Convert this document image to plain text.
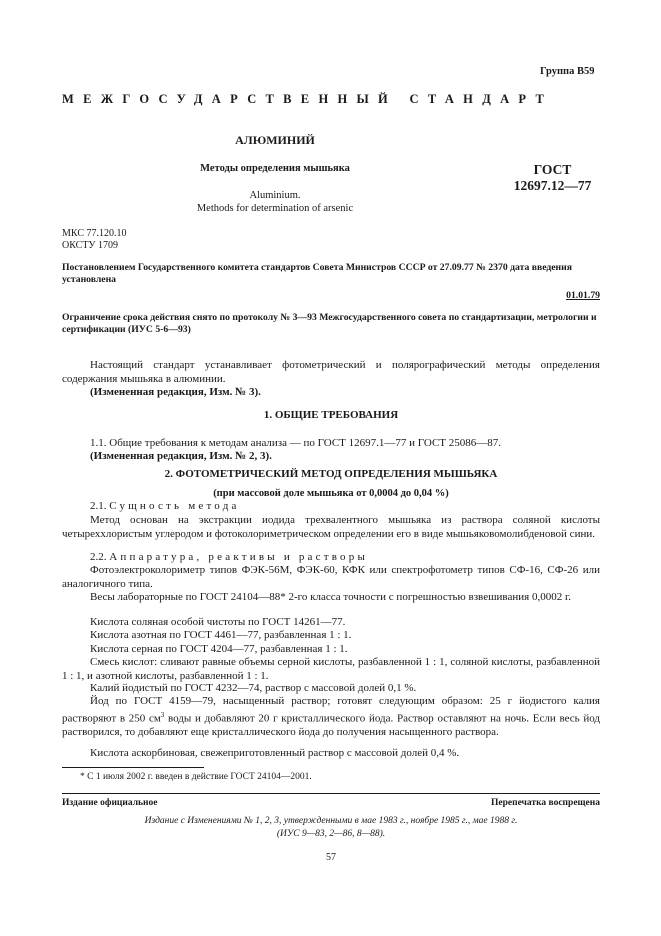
Группа В59
МЕЖГОСУДАРСТВЕННЫЙ СТАНДАРТ
АЛЮМИНИЙ
Методы определения мышьяка
Aluminium.
Methods for determination of arsenic
ГОСТ
12697.12—77
МКС 77.120.10
ОКСТУ 1709
Постановлением Государственного комитета стандартов Совета Министров СССР от 27.09.77 № 2370 дата введения установлена
01.01.79
Ограничение срока действия снято по протоколу № 3—93 Межгосударственного совета по стандартизации, метрологии и сертификации (ИУС 5-6—93)
Настоящий стандарт устанавливает фотометрический и полярографический методы определения содержания мышьяка в алюминии.
(Измененная редакция, Изм. № 3).
1. ОБЩИЕ ТРЕБОВАНИЯ
1.1. Общие требования к методам анализа — по ГОСТ 12697.1—77 и ГОСТ 25086—87.
(Измененная редакция, Изм. № 2, 3).
2. ФОТОМЕТРИЧЕСКИЙ МЕТОД ОПРЕДЕЛЕНИЯ МЫШЬЯКА
(при массовой доле мышьяка от 0,0004 до 0,04 %)
2.1. Сущность метода
Метод основан на экстракции иодида трехвалентного мышьяка из раствора соляной кислоты четыреххлористым углеродом и фотоколориметрическом определении его в виде мышьяковомолибденовой сини.
2.2. Аппаратура, реактивы и растворы
Фотоэлектроколориметр типов ФЭК-56М, ФЭК-60, КФК или спектрофотометр типов СФ-16, СФ-26 или аналогичного типа.
Весы лабораторные по ГОСТ 24104—88* 2-го класса точности с погрешностью взвешивания 0,0002 г.
Кислота соляная особой чистоты по ГОСТ 14261—77.
Кислота азотная по ГОСТ 4461—77, разбавленная 1 : 1.
Кислота серная по ГОСТ 4204—77, разбавленная 1 : 1.
Смесь кислот: сливают равные объемы серной кислоты, разбавленной 1 : 1, соляной кислоты, разбавленной 1 : 1, и азотной кислоты, разбавленной 1 : 1.
Калий йодистый по ГОСТ 4232—74, раствор с массовой долей 0,1 %.
Йод по ГОСТ 4159—79, насыщенный раствор; готовят следующим образом: 25 г йодистого калия растворяют в 250 $см^3$ воды и добавляют 20 г кристаллического йода. Раствор оставляют на ночь. Если весь йод растворился, то добавляют еще кристаллического йода до получения насыщенного раствора.
Кислота аскорбиновая, свежеприготовленный раствор с массовой долей 0,4 %.
* С 1 июля 2002 г. введен в действие ГОСТ 24104—2001.
Издание официальное	Перепечатка воспрещена
Издание с Изменениями № 1, 2, 3, утвержденными в мае 1983 г., ноябре 1985 г., мае 1988 г.
(ИУС 9—83, 2—86, 8—88).
57
